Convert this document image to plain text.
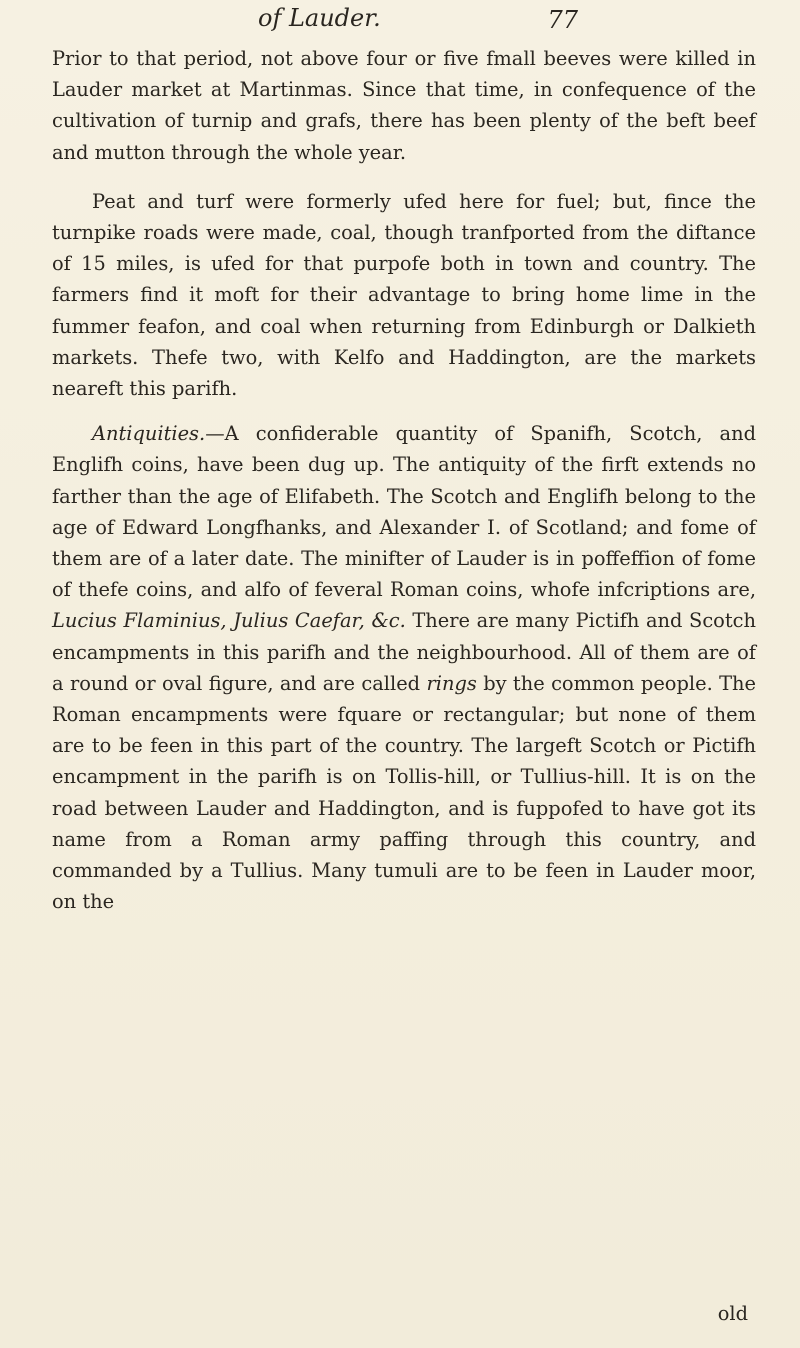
of Lauder.	77

Prior to that period, not above four or five fmall beeves were killed in Lauder market at Martinmas. Since that time, in confequence of the cultivation of turnip and grafs, there has been plenty of the beft beef and mutton through the whole year.

Peat and turf were formerly ufed here for fuel; but, fince the turnpike roads were made, coal, though tranfported from the diftance of 15 miles, is ufed for that purpofe both in town and country. The farmers find it moft for their advantage to bring home lime in the fummer feafon, and coal when returning from Edinburgh or Dalkieth markets. Thefe two, with Kelfo and Haddington, are the markets neareft this parifh.

Antiquities.—A confiderable quantity of Spanifh, Scotch, and Englifh coins, have been dug up. The antiquity of the firft extends no farther than the age of Elifabeth. The Scotch and Englifh belong to the age of Edward Longfhanks, and Alexander I. of Scotland; and fome of them are of a later date. The minifter of Lauder is in poffeffion of fome of thefe coins, and alfo of feveral Roman coins, whofe infcriptions are, Lucius Flaminius, Julius Caefar, &c. There are many Pictifh and Scotch encampments in this parifh and the neighbourhood. All of them are of a round or oval figure, and are called rings by the common people. The Roman encampments were fquare or rectangular; but none of them are to be feen in this part of the country. The largeft Scotch or Pictifh encampment in the parifh is on Tollis-hill, or Tullius-hill. It is on the road between Lauder and Haddington, and is fuppofed to have got its name from a Roman army paffing through this country, and commanded by a Tullius. Many tumuli are to be feen in Lauder moor, on the

old
